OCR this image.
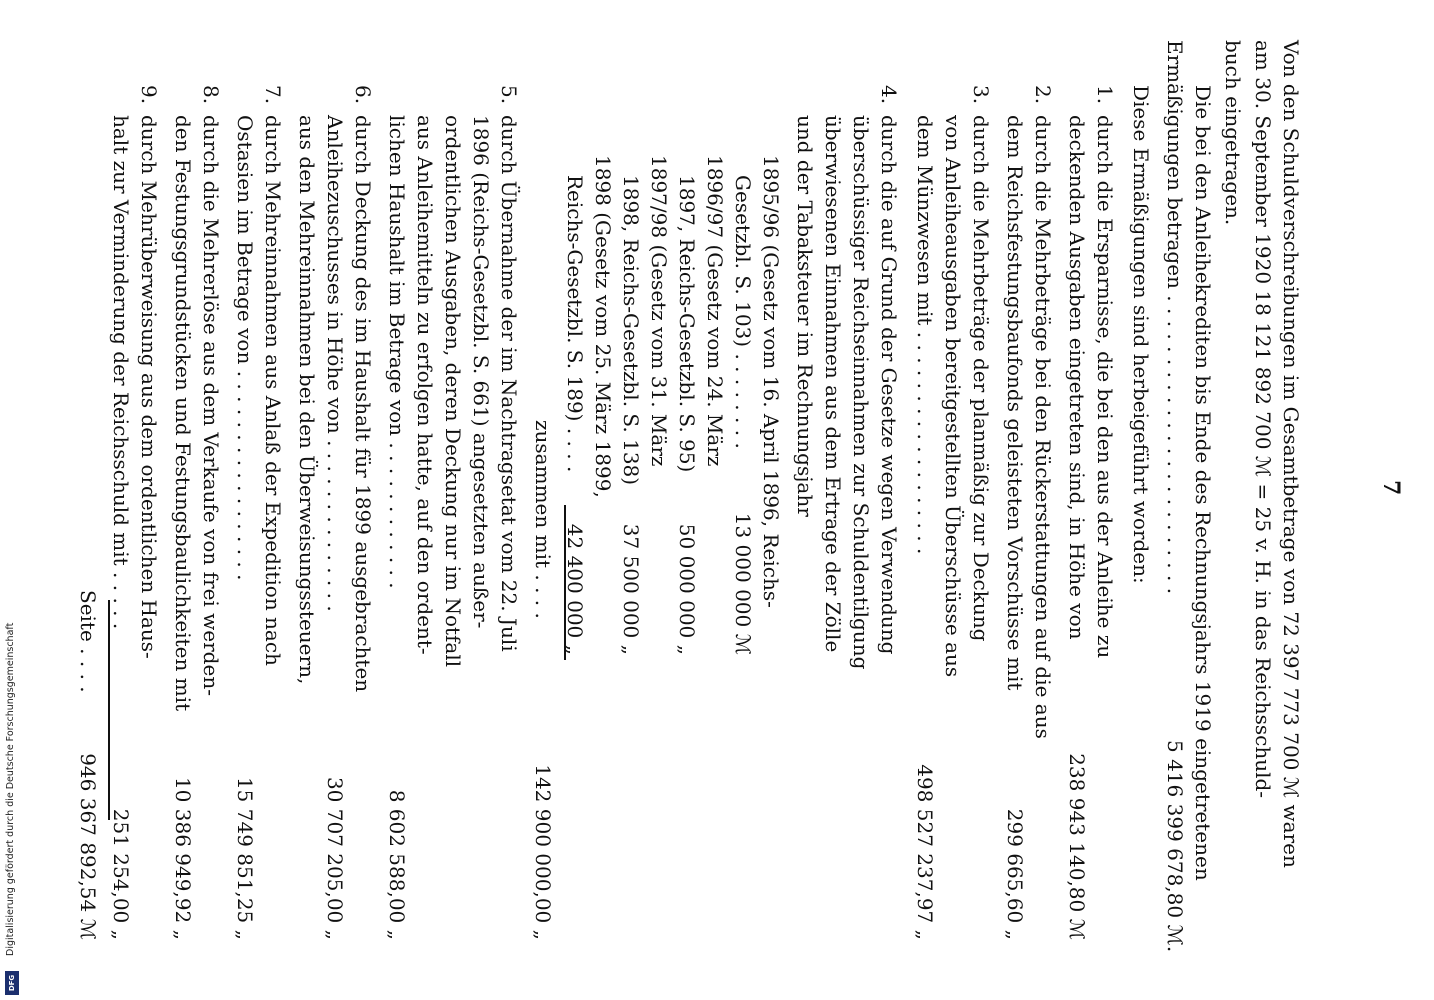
7
Von den Schuldverschreibungen im Gesamtbetrage von 72 397 773 700 ℳ waren
am 30. September 1920 18 121 892 700 ℳ = 25 v. H. in das Reichsschuld-
buch eingetragen.
Die bei den Anleihekrediten bis Ende des Rechnungsjahrs 1919 eingetretenen
Ermäßigungen betragen . . . . . . . . . . . . . . . . . . . . . . . .
5 416 399 678,80 ℳ.
Diese Ermäßigungen sind herbeigeführt worden:
1.
durch die Ersparnisse, die bei den aus der Anleihe zu
deckenden Ausgaben eingetreten sind, in Höhe von
238 943 140,80 ℳ
2.
durch die Mehrbeträge bei den Rückerstattungen auf die aus
dem Reichsfestungsbaufonds geleisteten Vorschüsse mit
299 665,60 „
3.
durch die Mehrbeträge der planmäßig zur Deckung
von Anleiheausgaben bereitgestellten Überschüsse aus
dem Münzwesen mit . . . . . . . . . . . . . . . . . .
498 527 237,97 „
4.
durch die auf Grund der Gesetze wegen Verwendung
überschüssiger Reichseinnahmen zur Schuldentilgung
überwiesenen Einnahmen aus dem Ertrage der Zölle
und der Tabaksteuer im Rechnungsjahr
1895/96 (Gesetz vom 16. April 1896, Reichs-
Gesetzbl. S. 103) . . . . . . . .
13 000 000 ℳ
1896/97 (Gesetz vom 24. März
1897, Reichs-Gesetzbl. S. 95)
50 000 000 „
1897/98 (Gesetz vom 31. März
1898, Reichs-Gesetzbl. S. 138)
37 500 000 „
1898 (Gesetz vom 25. März 1899,
Reichs-Gesetzbl. S. 189) . . . .
42 400 000 „
zusammen mit . . . .
142 900 000,00 „
5.
durch Übernahme der im Nachtragsetat vom 22. Juli
1896 (Reichs-Gesetzbl. S. 661) angesetzten außer-
ordentlichen Ausgaben, deren Deckung nur im Notfall
aus Anleihemitteln zu erfolgen hatte, auf den ordent-
lichen Haushalt im Betrage von . . . . . . . . . . . .
8 602 588,00 „
6.
durch Deckung des im Haushalt für 1899 ausgebrachten
Anleihezuschusses in Höhe von . . . . . . . . . . . . . .
aus den Mehreinnahmen bei den Überweisungssteuern,
30 707 205,00 „
7.
durch Mehreinnahmen aus Anlaß der Expedition nach
Ostasien im Betrage von . . . . . . . . . . . . . . . . .
15 749 851,25 „
8.
durch die Mehrerlöse aus dem Verkaufe von frei werden-
den Festungsgrundstücken und Festungsbaulichkeiten mit
10 386 949,92 „
9.
durch Mehrüberweisung aus dem ordentlichen Haus-
halt zur Verminderung der Reichsschuld mit . . . . .
251 254,00 „
Seite . . . .
946 367 892,54 ℳ
Digitalisierung gefördert durch die Deutsche Forschungsgemeinschaft
DFG
